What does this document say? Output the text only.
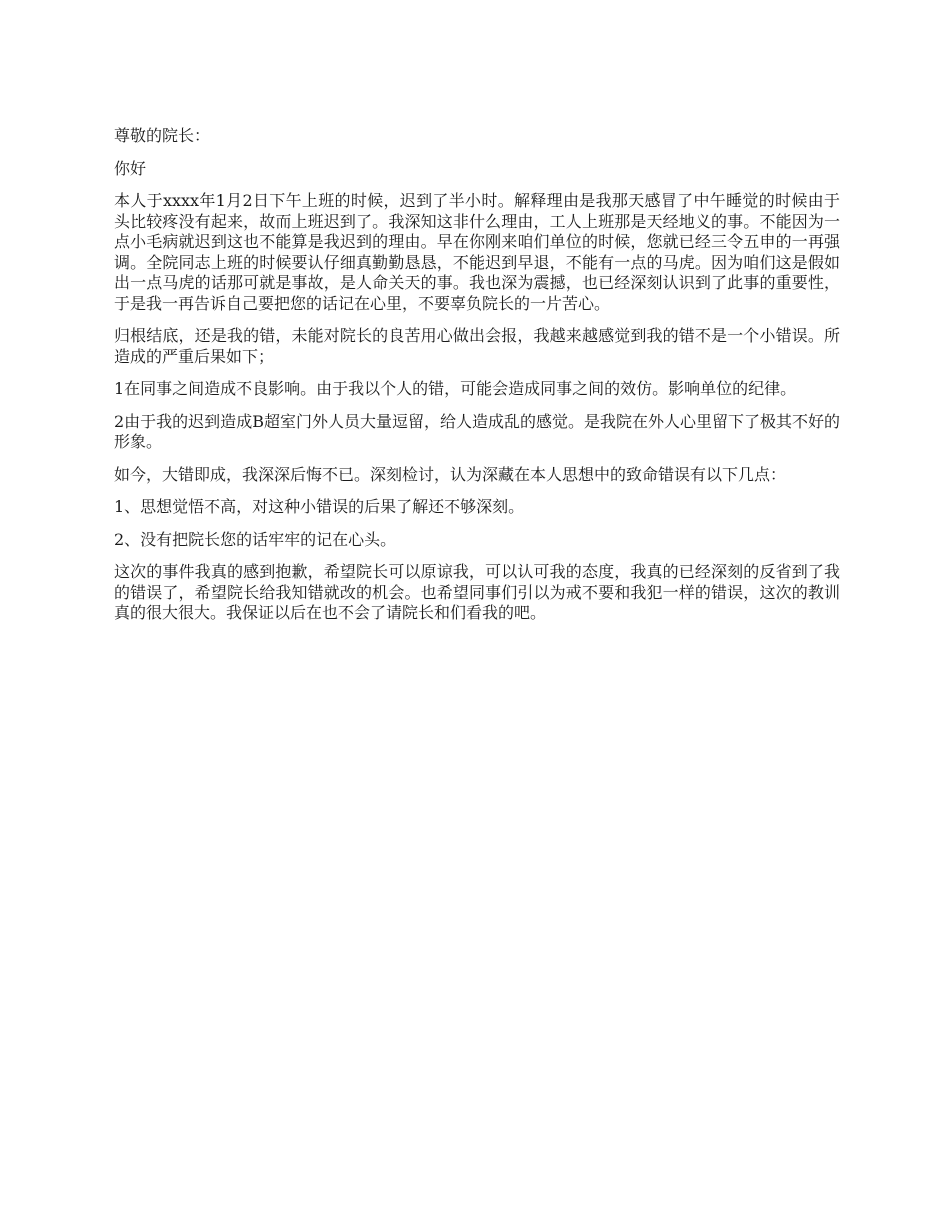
尊敬的院长：

你好

本人于xxxx年1月2日下午上班的时候，迟到了半小时。解释理由是我那天感冒了中午睡觉的时候由于头比较疼没有起来，故而上班迟到了。我深知这非什么理由，工人上班那是天经地义的事。不能因为一点小毛病就迟到这也不能算是我迟到的理由。早在你刚来咱们单位的时候，您就已经三令五申的一再强调。全院同志上班的时候要认仔细真勤勤恳恳，不能迟到早退，不能有一点的马虎。因为咱们这是假如出一点马虎的话那可就是事故，是人命关天的事。我也深为震撼，也已经深刻认识到了此事的重要性，于是我一再告诉自己要把您的话记在心里，不要辜负院长的一片苦心。

归根结底，还是我的错，未能对院长的良苦用心做出会报，我越来越感觉到我的错不是一个小错误。所造成的严重后果如下；

1在同事之间造成不良影响。由于我以个人的错，可能会造成同事之间的效仿。影响单位的纪律。

2由于我的迟到造成B超室门外人员大量逗留，给人造成乱的感觉。是我院在外人心里留下了极其不好的形象。

如今，大错即成，我深深后悔不已。深刻检讨，认为深藏在本人思想中的致命错误有以下几点：

1、思想觉悟不高，对这种小错误的后果了解还不够深刻。

2、没有把院长您的话牢牢的记在心头。

这次的事件我真的感到抱歉，希望院长可以原谅我，可以认可我的态度，我真的已经深刻的反省到了我的错误了，希望院长给我知错就改的机会。也希望同事们引以为戒不要和我犯一样的错误，这次的教训真的很大很大。我保证以后在也不会了请院长和们看我的吧。
